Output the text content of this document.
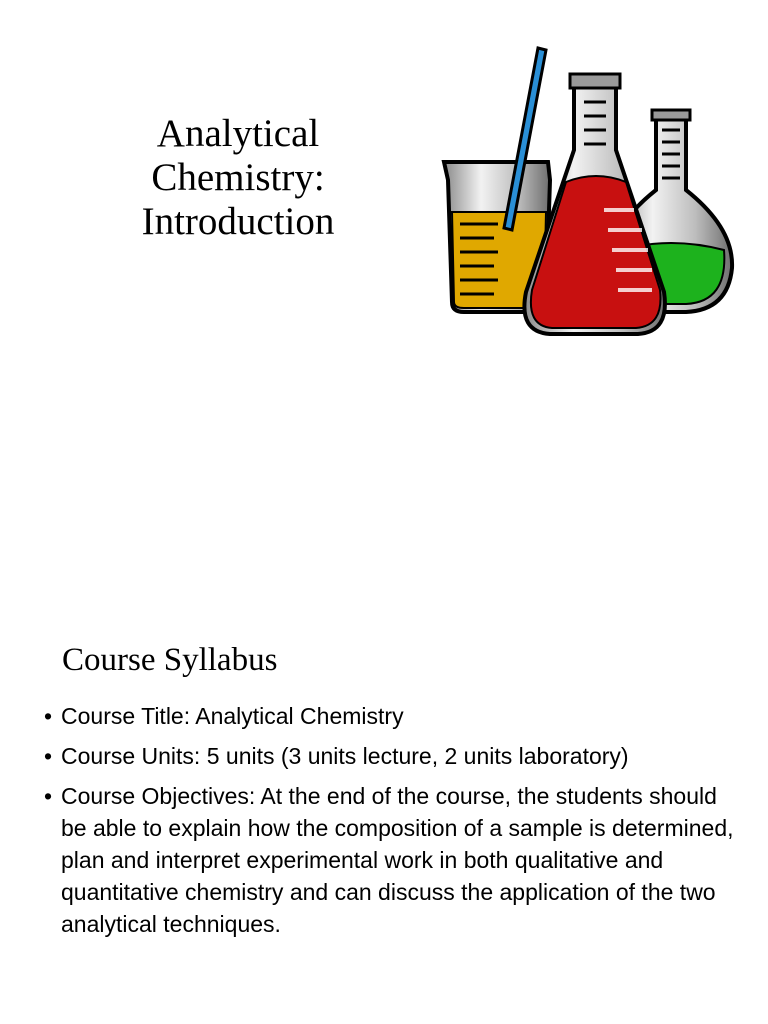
Analytical
Chemistry:
Introduction
Course Syllabus
• Course Title: Analytical Chemistry
• Course Units: 5 units (3 units lecture, 2 units laboratory)
• Course Objectives: At the end of the course, the students should be able to explain how the composition of a sample is determined, plan and interpret experimental work in both qualitative and quantitative chemistry and can discuss the application of the two analytical techniques.
